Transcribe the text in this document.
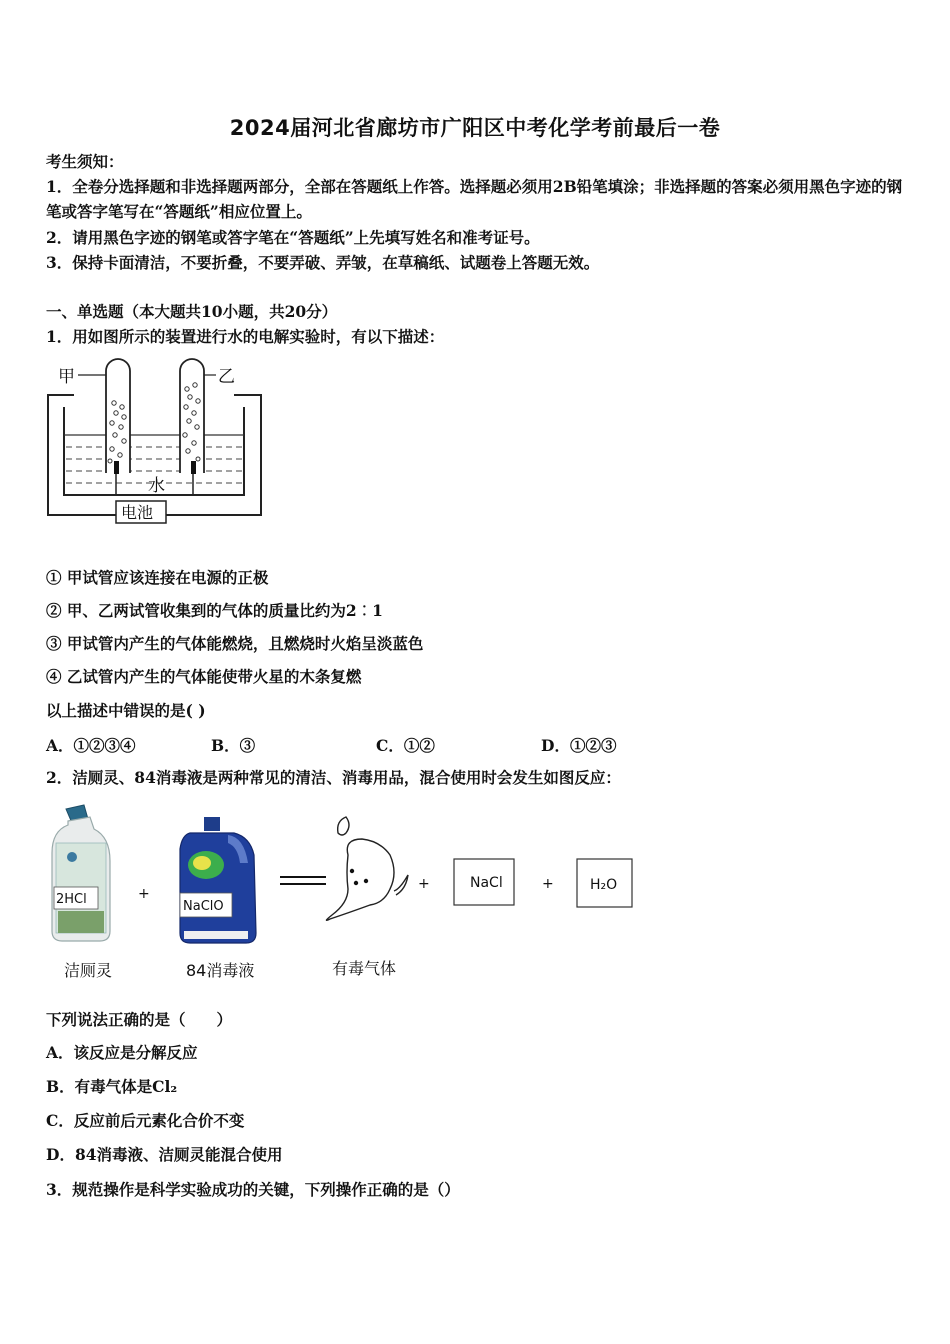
2024届河北省廊坊市广阳区中考化学考前最后一卷
考生须知：
1．全卷分选择题和非选择题两部分，全部在答题纸上作答。选择题必须用2B铅笔填涂；非选择题的答案必须用黑色字迹的钢笔或答字笔写在“答题纸”相应位置上。
2．请用黑色字迹的钢笔或答字笔在“答题纸”上先填写姓名和准考证号。
3．保持卡面清洁，不要折叠，不要弄破、弄皱，在草稿纸、试题卷上答题无效。
一、单选题（本大题共10小题，共20分）
1．用如图所示的装置进行水的电解实验时，有以下描述：
甲	乙
水
电池
① 甲试管应该连接在电源的正极
② 甲、乙两试管收集到的气体的质量比约为2︰1
③ 甲试管内产生的气体能燃烧，且燃烧时火焰呈淡蓝色
④ 乙试管内产生的气体能使带火星的木条复燃
以上描述中错误的是( )
A．①②③④	B．③	C．①②	D．①②③
2．洁厕灵、84消毒液是两种常见的清洁、消毒用品，混合使用时会发生如图反应：
2HCl	+
NaClO
+	NaCl	+	H₂O
洁厕灵	84消毒液	有毒气体
下列说法正确的是（　　）
A．该反应是分解反应
B．有毒气体是Cl₂
C．反应前后元素化合价不变
D．84消毒液、洁厕灵能混合使用
3．规范操作是科学实验成功的关键，下列操作正确的是（）
